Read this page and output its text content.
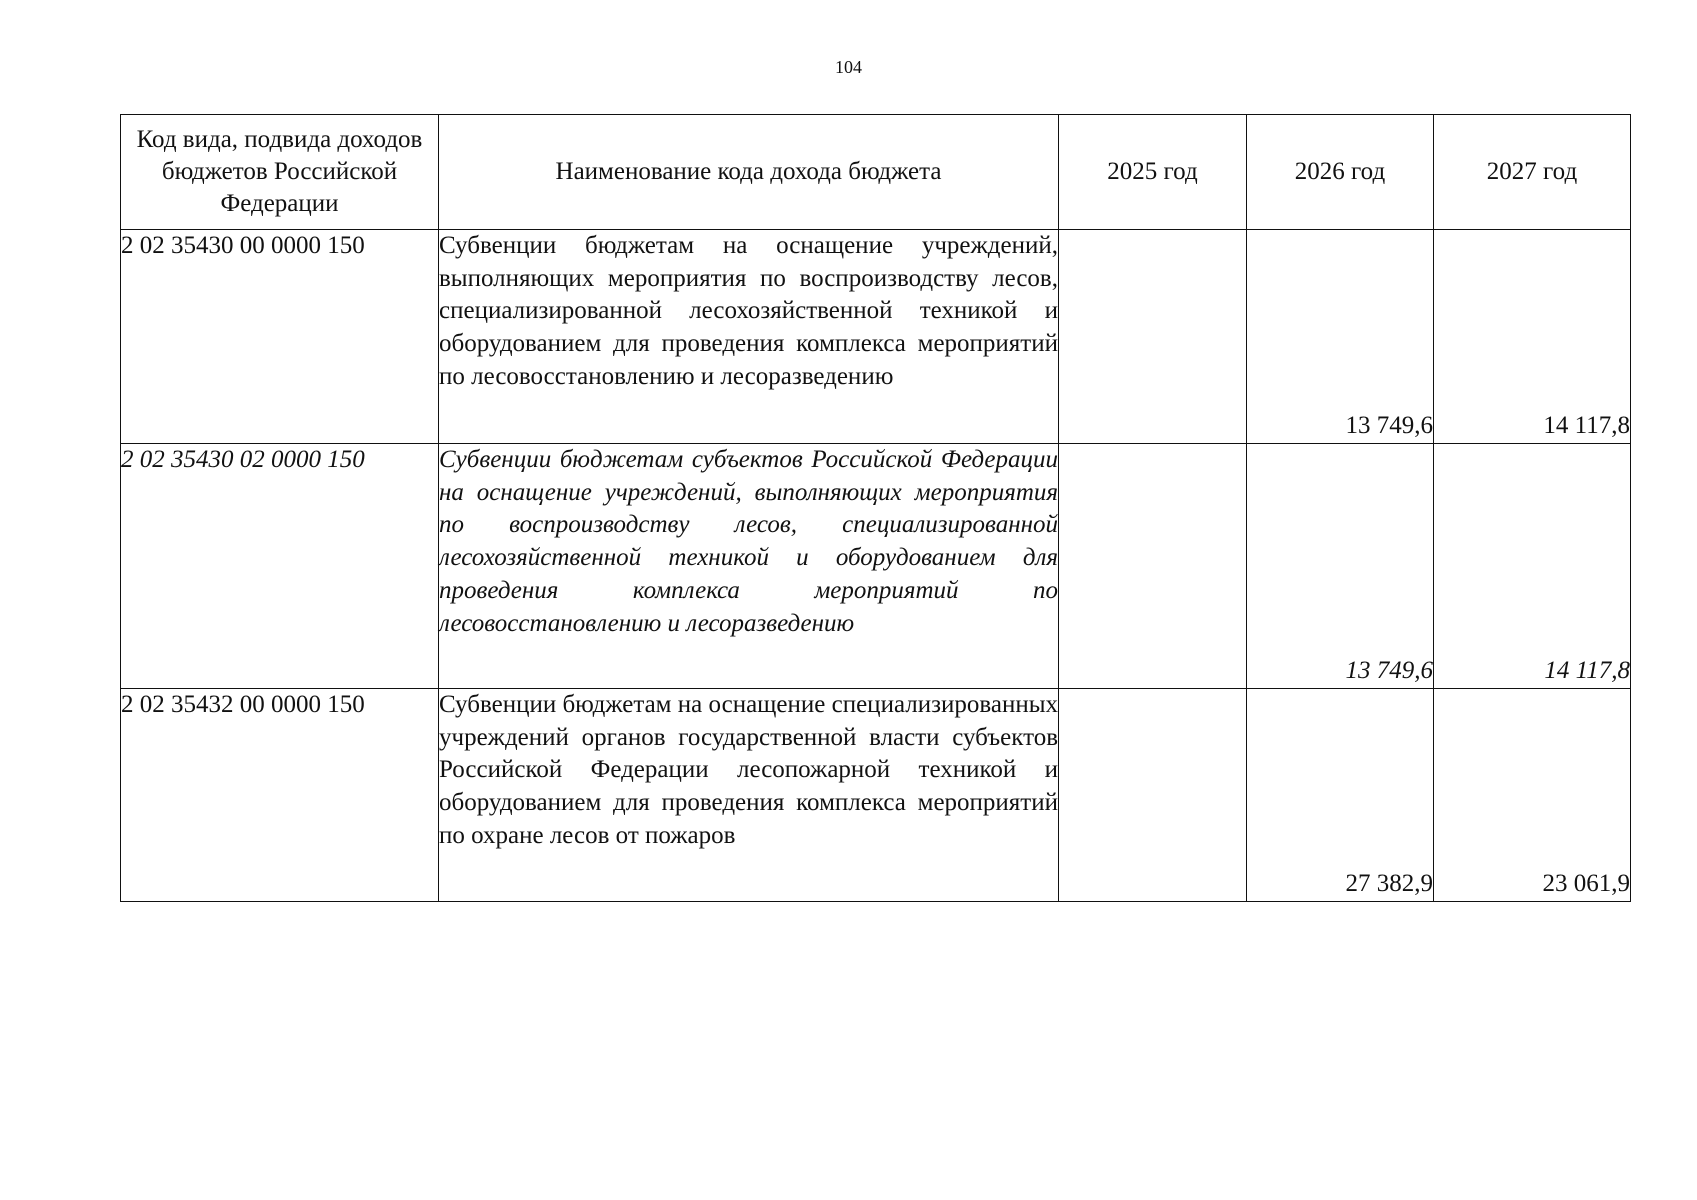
104
Код вида, подвида доходов бюджетов Российской Федерации	Наименование кода дохода бюджета	2025 год	2026 год	2027 год
2 02 35430 00 0000 150	Субвенции бюджетам на оснащение учреждений, выполняющих мероприятия по воспроизводству лесов, специализированной лесохозяйственной техникой и оборудованием для проведения комплекса мероприятий по лесовосстановлению и лесоразведению		13 749,6	14 117,8
2 02 35430 02 0000 150	Субвенции бюджетам субъектов Российской Федерации на оснащение учреждений, выполняющих мероприятия по воспроизводству лесов, специализированной лесохозяйственной техникой и оборудованием для проведения комплекса мероприятий по лесовосстановлению и лесоразведению		13 749,6	14 117,8
2 02 35432 00 0000 150	Субвенции бюджетам на оснащение специализированных учреждений органов государственной власти субъектов Российской Федерации лесопожарной техникой и оборудованием для проведения комплекса мероприятий по охране лесов от пожаров		27 382,9	23 061,9
